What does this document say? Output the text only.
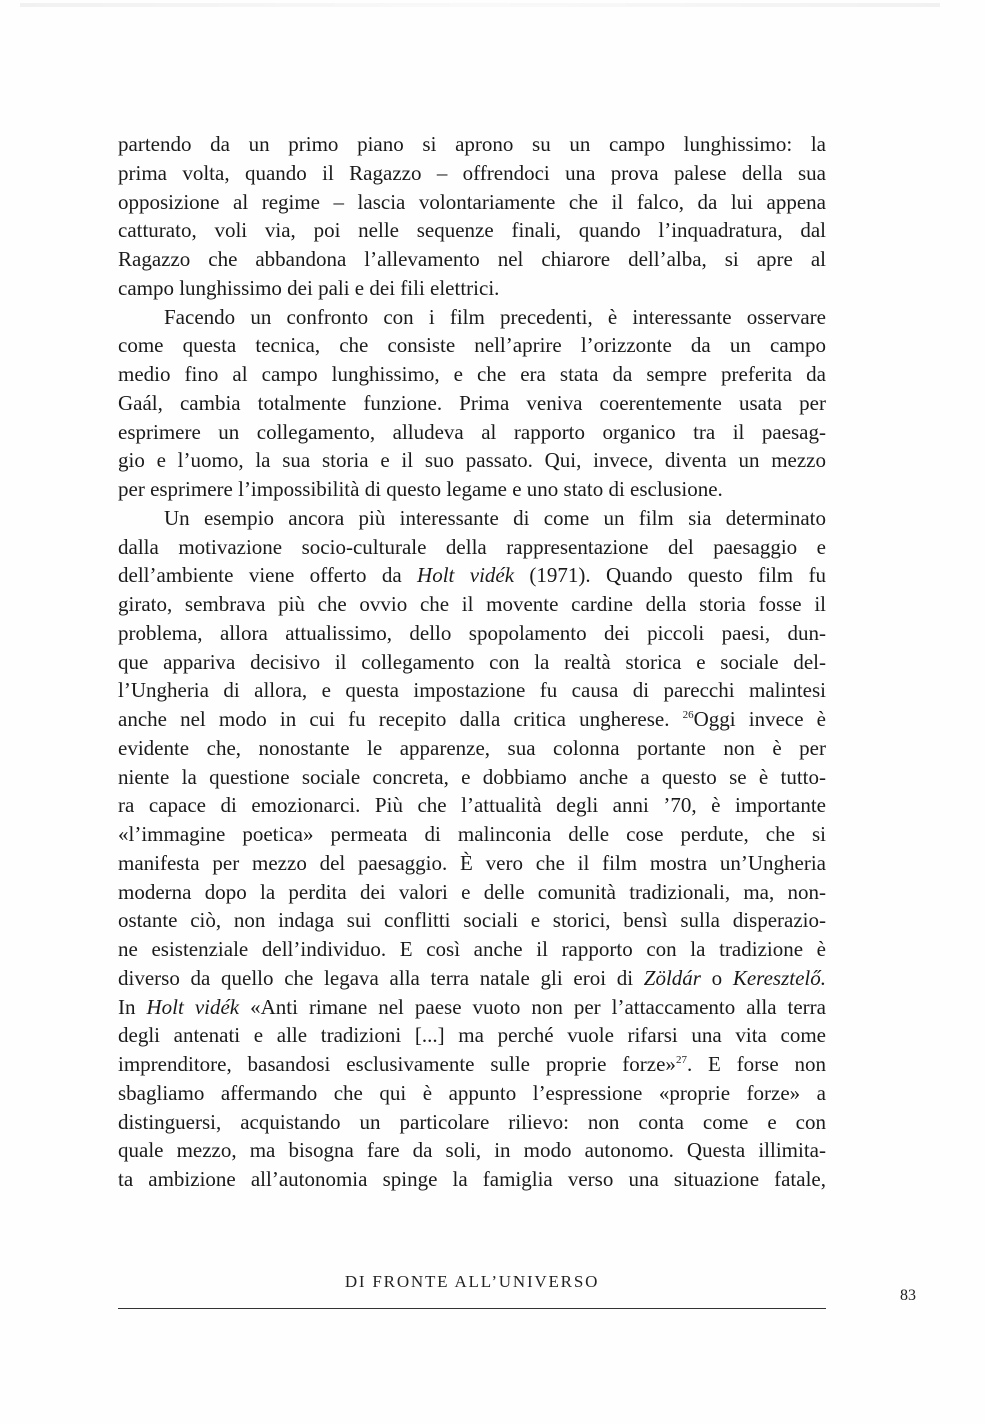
partendo da un primo piano si aprono su un campo lunghissimo: la
prima volta, quando il Ragazzo – offrendoci una prova palese della sua
opposizione al regime – lascia volontariamente che il falco, da lui appena
catturato, voli via, poi nelle sequenze finali, quando l’inquadratura, dal
Ragazzo che abbandona l’allevamento nel chiarore dell’alba, si apre al
campo lunghissimo dei pali e dei fili elettrici.
Facendo un confronto con i film precedenti, è interessante osservare
come questa tecnica, che consiste nell’aprire l’orizzonte da un campo
medio fino al campo lunghissimo, e che era stata da sempre preferita da
Gaál, cambia totalmente funzione. Prima veniva coerentemente usata per
esprimere un collegamento, alludeva al rapporto organico tra il paesag-
gio e l’uomo, la sua storia e il suo passato. Qui, invece, diventa un mezzo
per esprimere l’impossibilità di questo legame e uno stato di esclusione.
Un esempio ancora più interessante di come un film sia determinato
dalla motivazione socio-culturale della rappresentazione del paesaggio e
dell’ambiente viene offerto da Holt vidék (1971). Quando questo film fu
girato, sembrava più che ovvio che il movente cardine della storia fosse il
problema, allora attualissimo, dello spopolamento dei piccoli paesi, dun-
que appariva decisivo il collegamento con la realtà storica e sociale del-
l’Ungheria di allora, e questa impostazione fu causa di parecchi malintesi
anche nel modo in cui fu recepito dalla critica ungherese. $^{26}$Oggi invece è
evidente che, nonostante le apparenze, sua colonna portante non è per
niente la questione sociale concreta, e dobbiamo anche a questo se è tutto-
ra capace di emozionarci. Più che l’attualità degli anni ’70, è importante
«l’immagine poetica» permeata di malinconia delle cose perdute, che si
manifesta per mezzo del paesaggio. È vero che il film mostra un’Ungheria
moderna dopo la perdita dei valori e delle comunità tradizionali, ma, non-
ostante ciò, non indaga sui conflitti sociali e storici, bensì sulla disperazio-
ne esistenziale dell’individuo. E così anche il rapporto con la tradizione è
diverso da quello che legava alla terra natale gli eroi di Zöldár o Keresztelő.
In Holt vidék «Anti rimane nel paese vuoto non per l’attaccamento alla terra
degli antenati e alle tradizioni [...] ma perché vuole rifarsi una vita come
imprenditore, basandosi esclusivamente sulle proprie forze»$^{27}$. E forse non
sbagliamo affermando che qui è appunto l’espressione «proprie forze» a
distinguersi, acquistando un particolare rilievo: non conta come e con
quale mezzo, ma bisogna fare da soli, in modo autonomo. Questa illimita-
ta ambizione all’autonomia spinge la famiglia verso una situazione fatale,
DI FRONTE ALL’UNIVERSO
83
